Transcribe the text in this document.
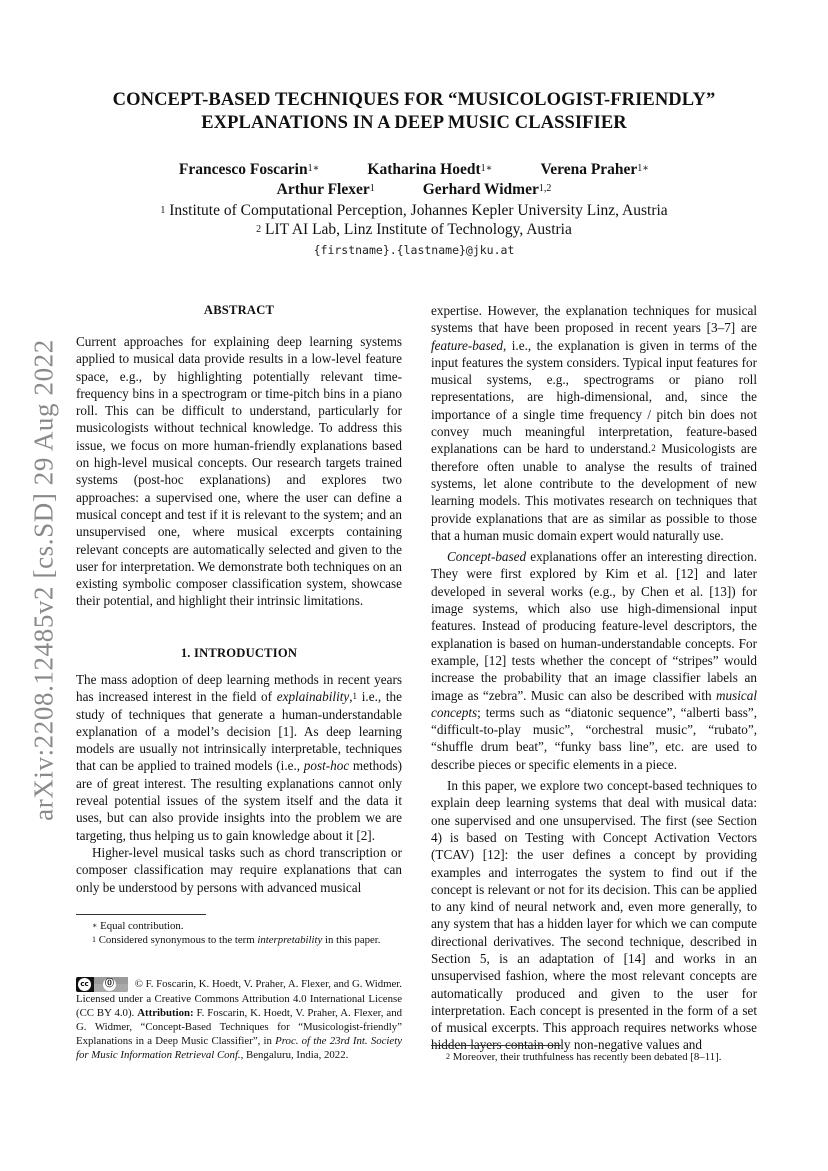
arXiv:2208.12485v2 [cs.SD] 29 Aug 2022
CONCEPT-BASED TECHNIQUES FOR “MUSICOLOGIST-FRIENDLY”
EXPLANATIONS IN A DEEP MUSIC CLASSIFIER
Francesco Foscarin$^{1∗}$	Katharina Hoedt$^{1∗}$	Verena Praher$^{1∗}$
Arthur Flexer$^1$	Gerhard Widmer$^{1,2}$
$^1$ Institute of Computational Perception, Johannes Kepler University Linz, Austria
$^2$ LIT AI Lab, Linz Institute of Technology, Austria
{firstname}.{lastname}@jku.at
ABSTRACT

Current approaches for explaining deep learning systems applied to musical data provide results in a low-level feature space, e.g., by highlighting potentially relevant time-frequency bins in a spectrogram or time-pitch bins in a piano roll. This can be difficult to understand, particularly for musicologists without technical knowledge. To address this issue, we focus on more human-friendly explanations based on high-level musical concepts. Our research targets trained systems (post-hoc explanations) and explores two approaches: a supervised one, where the user can define a musical concept and test if it is relevant to the system; and an unsupervised one, where musical excerpts containing relevant concepts are automatically selected and given to the user for interpretation. We demonstrate both techniques on an existing symbolic composer classification system, showcase their potential, and highlight their intrinsic limitations.

1. INTRODUCTION

The mass adoption of deep learning methods in recent years has increased interest in the field of explainability,$^1$ i.e., the study of techniques that generate a human-understandable explanation of a model’s decision [1]. As deep learning models are usually not intrinsically interpretable, techniques that can be applied to trained models (i.e., post-hoc methods) are of great interest. The resulting explanations cannot only reveal potential issues of the system itself and the data it uses, but can also provide insights into the problem we are targeting, thus helping us to gain knowledge about it [2].

Higher-level musical tasks such as chord transcription or composer classification may require explanations that can only be understood by persons with advanced musical

∗ Equal contribution.
$^1$ Considered synonymous to the term interpretability in this paper.
cc ⓪ © F. Foscarin, K. Hoedt, V. Praher, A. Flexer, and G. Widmer. Licensed under a Creative Commons Attribution 4.0 International License (CC BY 4.0). Attribution: F. Foscarin, K. Hoedt, V. Praher, A. Flexer, and G. Widmer, “Concept-Based Techniques for “Musicologist-friendly” Explanations in a Deep Music Classifier”, in Proc. of the 23rd Int. Society for Music Information Retrieval Conf., Bengaluru, India, 2022.

expertise. However, the explanation techniques for musical systems that have been proposed in recent years [3–7] are feature-based, i.e., the explanation is given in terms of the input features the system considers. Typical input features for musical systems, e.g., spectrograms or piano roll representations, are high-dimensional, and, since the importance of a single time frequency / pitch bin does not convey much meaningful interpretation, feature-based explanations can be hard to understand.$^2$ Musicologists are therefore often unable to analyse the results of trained systems, let alone contribute to the development of new learning models. This motivates research on techniques that provide explanations that are as similar as possible to those that a human music domain expert would naturally use.

Concept-based explanations offer an interesting direction. They were first explored by Kim et al. [12] and later developed in several works (e.g., by Chen et al. [13]) for image systems, which also use high-dimensional input features. Instead of producing feature-level descriptors, the explanation is based on human-understandable concepts. For example, [12] tests whether the concept of “stripes” would increase the probability that an image classifier labels an image as “zebra”. Music can also be described with musical concepts; terms such as “diatonic sequence”, “alberti bass”, “difficult-to-play music”, “orchestral music”, “rubato”, “shuffle drum beat”, “funky bass line”, etc. are used to describe pieces or specific elements in a piece.

In this paper, we explore two concept-based techniques to explain deep learning systems that deal with musical data: one supervised and one unsupervised. The first (see Section 4) is based on Testing with Concept Activation Vectors (TCAV) [12]: the user defines a concept by providing examples and interrogates the system to find out if the concept is relevant or not for its decision. This can be applied to any kind of neural network and, even more generally, to any system that has a hidden layer for which we can compute directional derivatives. The second technique, described in Section 5, is an adaptation of [14] and works in an unsupervised fashion, where the most relevant concepts are automatically produced and given to the user for interpretation. Each concept is presented in the form of a set of musical excerpts. This approach requires networks whose hidden layers contain only non-negative values and

$^2$ Moreover, their truthfulness has recently been debated [8–11].
